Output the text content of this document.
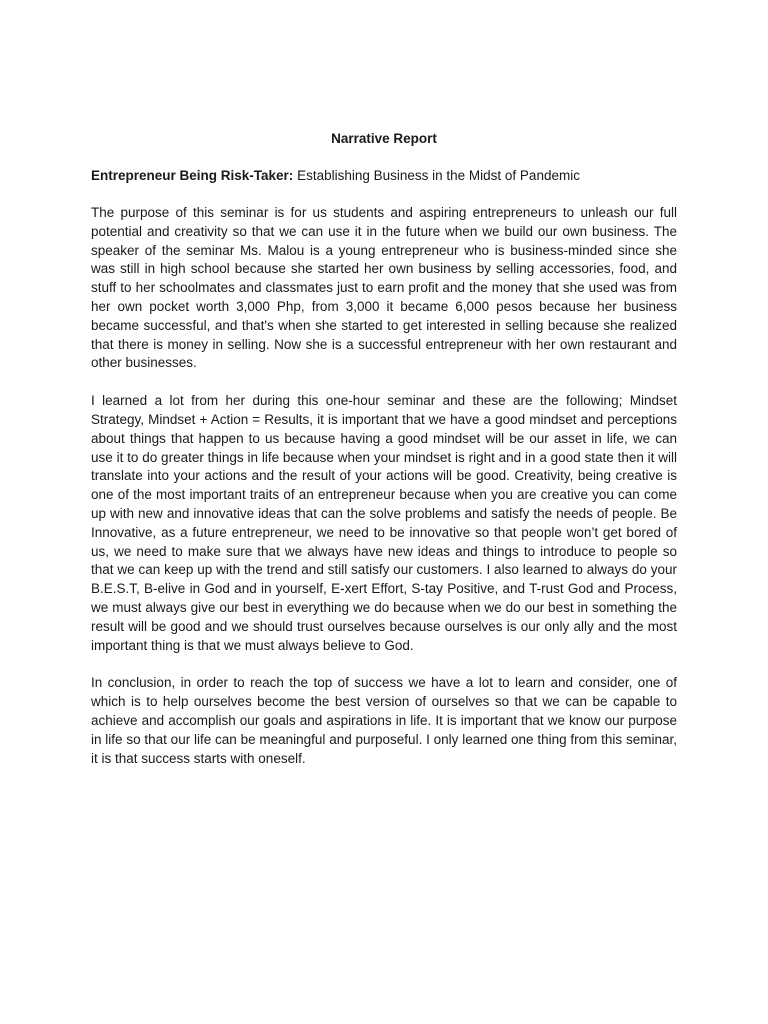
Narrative Report
Entrepreneur Being Risk-Taker: Establishing Business in the Midst of Pandemic

The purpose of this seminar is for us students and aspiring entrepreneurs to unleash our full potential and creativity so that we can use it in the future when we build our own business. The speaker of the seminar Ms. Malou is a young entrepreneur who is business-minded since she was still in high school because she started her own business by selling accessories, food, and stuff to her schoolmates and classmates just to earn profit and the money that she used was from her own pocket worth 3,000 Php, from 3,000 it became 6,000 pesos because her business became successful, and that's when she started to get interested in selling because she realized that there is money in selling. Now she is a successful entrepreneur with her own restaurant and other businesses.

I learned a lot from her during this one-hour seminar and these are the following; Mindset Strategy, Mindset + Action = Results, it is important that we have a good mindset and perceptions about things that happen to us because having a good mindset will be our asset in life, we can use it to do greater things in life because when your mindset is right and in a good state then it will translate into your actions and the result of your actions will be good. Creativity, being creative is one of the most important traits of an entrepreneur because when you are creative you can come up with new and innovative ideas that can the solve problems and satisfy the needs of people. Be Innovative, as a future entrepreneur, we need to be innovative so that people won’t get bored of us, we need to make sure that we always have new ideas and things to introduce to people so that we can keep up with the trend and still satisfy our customers. I also learned to always do your B.E.S.T, B-elive in God and in yourself, E-xert Effort, S-tay Positive, and T-rust God and Process, we must always give our best in everything we do because when we do our best in something the result will be good and we should trust ourselves because ourselves is our only ally and the most important thing is that we must always believe to God.

In conclusion, in order to reach the top of success we have a lot to learn and consider, one of which is to help ourselves become the best version of ourselves so that we can be capable to achieve and accomplish our goals and aspirations in life. It is important that we know our purpose in life so that our life can be meaningful and purposeful. I only learned one thing from this seminar, it is that success starts with oneself.
